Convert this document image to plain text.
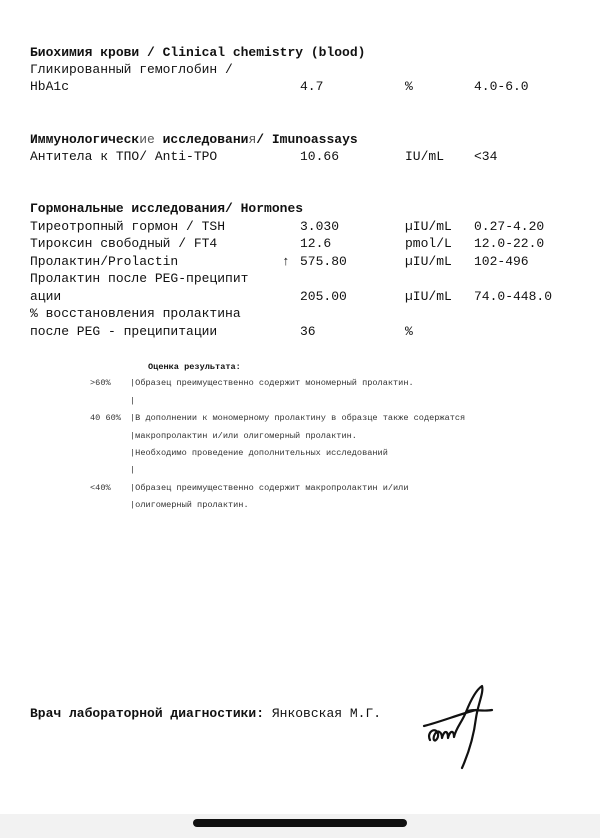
Биохимия крови / Clinical chemistry (blood)
Гликированный гемоглобин /
HbA1c	4.7	%	4.0-6.0
Иммунологические исследования/ Imunoassays
Антитела к ТПО/ Anti-TPO	10.66	IU/mL <34
Гормональные исследования/ Hormones
Тиреотропный гормон / TSH	3.030	µIU/mL 0.27-4.20
Тироксин свободный / FT4	12.6	pmol/L 12.0-22.0
Пролактин/Prolactin	↑ 575.80	µIU/mL 102-496
Пролактин после PEG-преципит
ации	205.00	µIU/mL 74.0-448.0
% восстановления пролактина
после PEG - преципитации	36	%
Оценка результата:
>60% |Образец преимущественно содержит мономерный пролактин.
|
40 60% |В дополнении к мономерному пролактину в образце также содержатся
|макропролактин и/или олигомерный пролактин.
|Необходимо проведение дополнительных исследований
|
<40% |Образец преимущественно содержит макропролактин и/или
|олигомерный пролактин.
Врач лабораторной диагностики: Янковская М.Г.
